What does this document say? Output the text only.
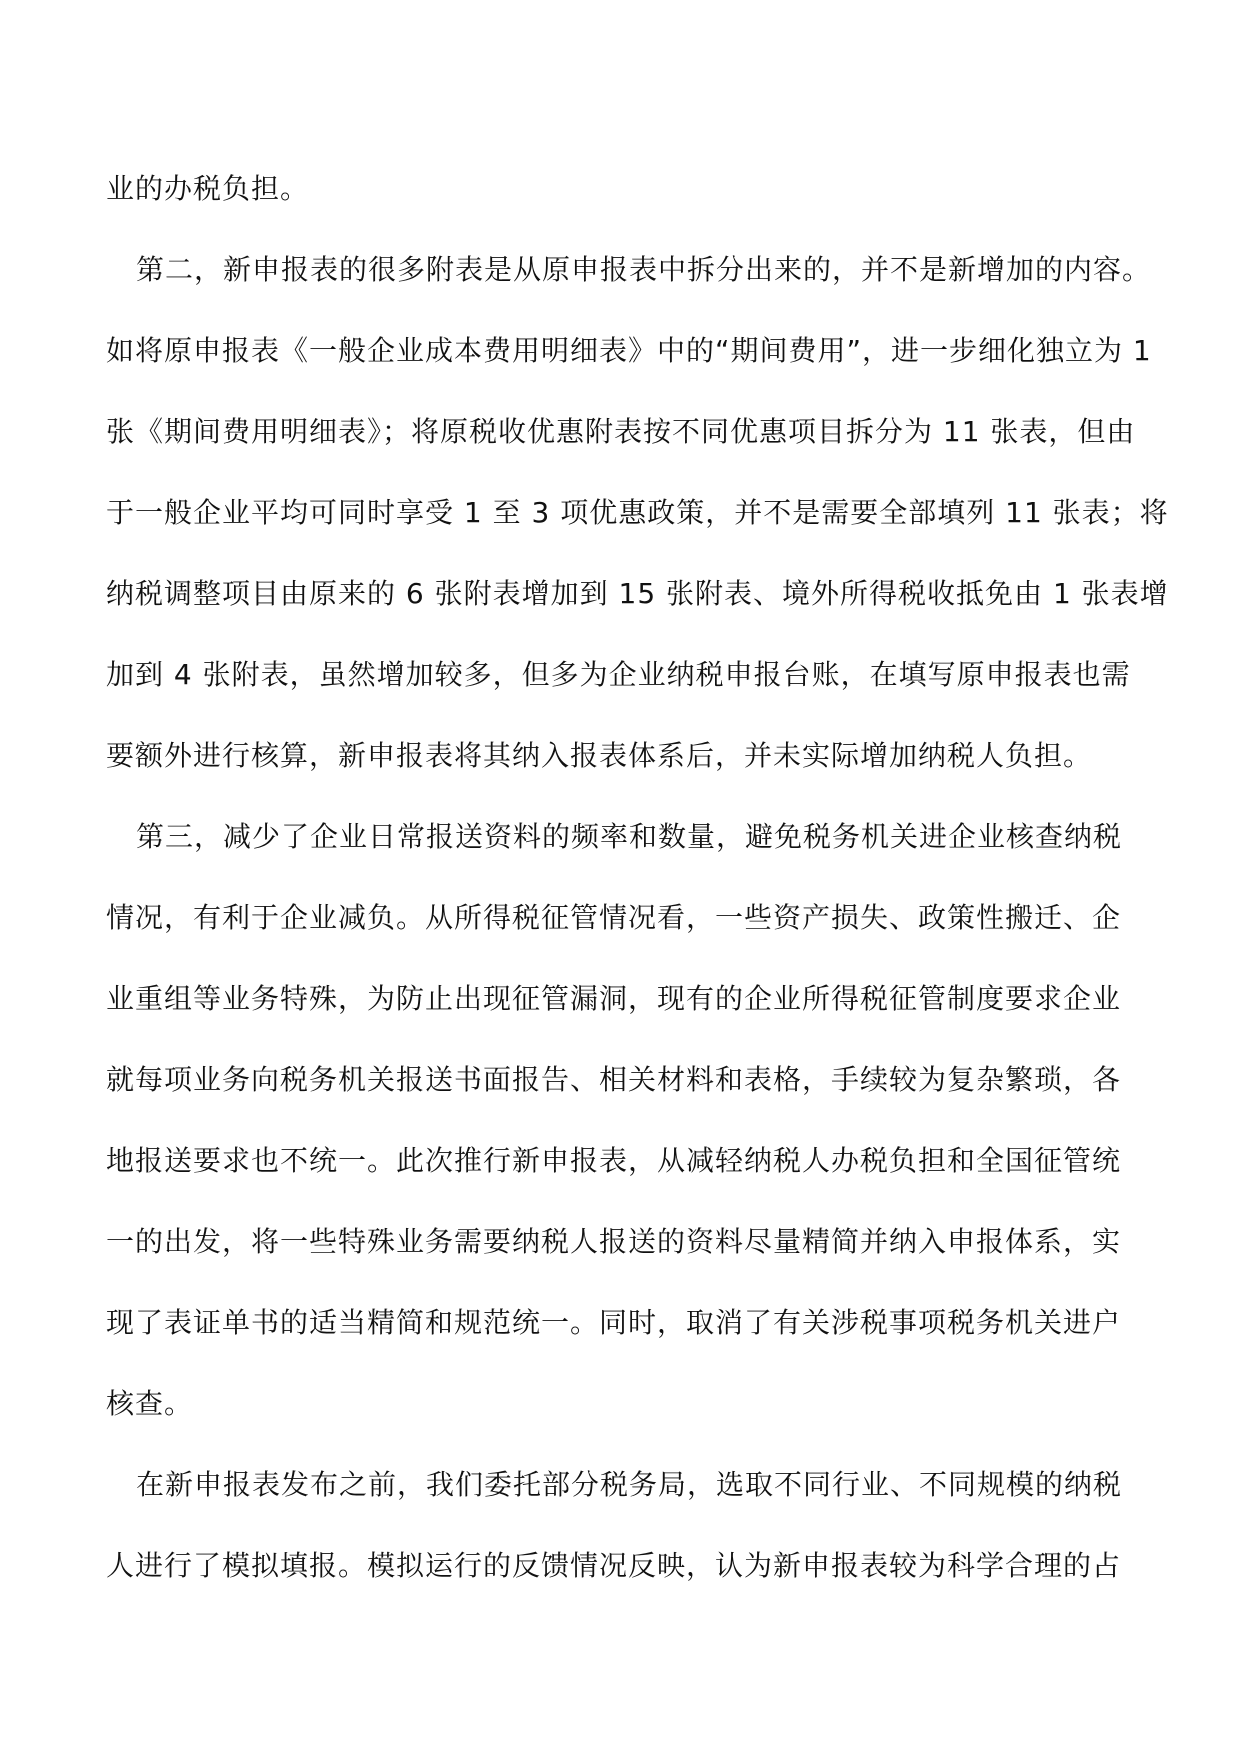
业的办税负担。
第二，新申报表的很多附表是从原申报表中拆分出来的，并不是新增加的内容。
如将原申报表《一般企业成本费用明细表》中的“期间费用”，进一步细化独立为 1
张《期间费用明细表》；将原税收优惠附表按不同优惠项目拆分为 11 张表，但由
于一般企业平均可同时享受 1 至 3 项优惠政策，并不是需要全部填列 11 张表；将
纳税调整项目由原来的 6 张附表增加到 15 张附表、境外所得税收抵免由 1 张表增
加到 4 张附表，虽然增加较多，但多为企业纳税申报台账，在填写原申报表也需
要额外进行核算，新申报表将其纳入报表体系后，并未实际增加纳税人负担。
第三，减少了企业日常报送资料的频率和数量，避免税务机关进企业核查纳税
情况，有利于企业减负。从所得税征管情况看，一些资产损失、政策性搬迁、企
业重组等业务特殊，为防止出现征管漏洞，现有的企业所得税征管制度要求企业
就每项业务向税务机关报送书面报告、相关材料和表格，手续较为复杂繁琐，各
地报送要求也不统一。此次推行新申报表，从减轻纳税人办税负担和全国征管统
一的出发，将一些特殊业务需要纳税人报送的资料尽量精简并纳入申报体系，实
现了表证单书的适当精简和规范统一。同时，取消了有关涉税事项税务机关进户
核查。
在新申报表发布之前，我们委托部分税务局，选取不同行业、不同规模的纳税
人进行了模拟填报。模拟运行的反馈情况反映，认为新申报表较为科学合理的占
